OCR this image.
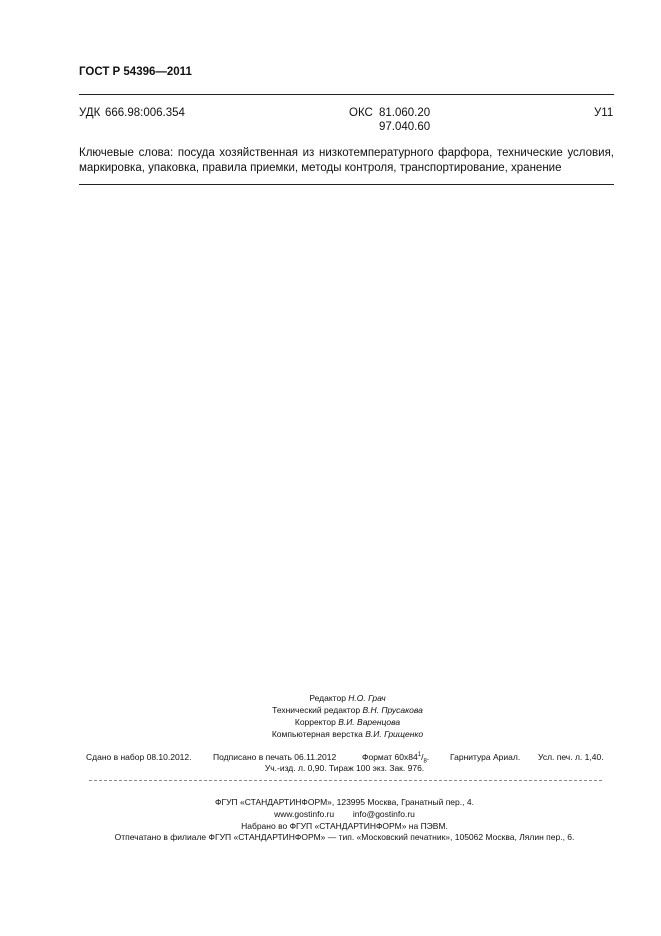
ГОСТ Р 54396—2011
УДК 666.98:006.354	ОКС 81.060.20
97.040.60
У11
Ключевые слова: посуда хозяйственная из низкотемпературного фарфора, технические условия, маркировка, упаковка, правила приемки, методы контроля, транспортирование, хранение
Редактор Н.О. Грач
Технический редактор В.Н. Прусакова
Корректор В.И. Варенцова
Компьютерная верстка В.И. Грищенко
Сдано в набор 08.10.2012.	Подписано в печать 06.11.2012	Формат $60х84^1/_8$. Гарнитура Ариал. Усл. печ. л. 1,40.
Уч.-изд. л. 0,90. Тираж 100 экз. Зак. 976.
ФГУП «СТАНДАРТИНФОРМ», 123995 Москва, Гранатный пер., 4.
www.gostinfo.ru info@gostinfo.ru
Набрано во ФГУП «СТАНДАРТИНФОРМ» на ПЭВМ.
Отпечатано в филиале ФГУП «СТАНДАРТИНФОРМ» — тип. «Московский печатник», 105062 Москва, Лялин пер., 6.
